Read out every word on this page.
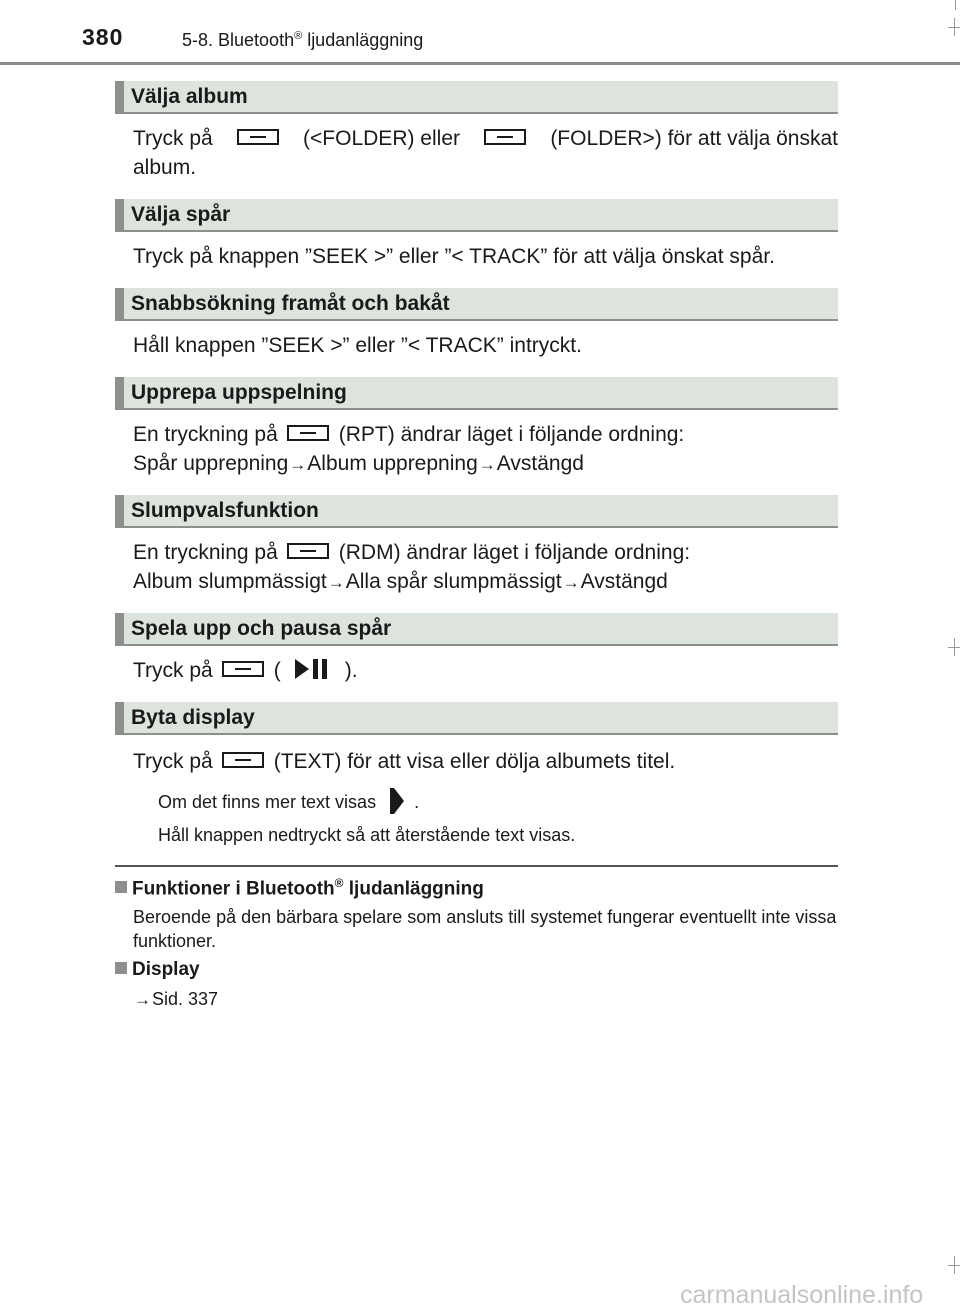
380	5-8. Bluetooth® ljudanläggning
Välja album
Tryck på	(<FOLDER) eller	(FOLDER>) för att välja önskat
album.
Välja spår
Tryck på knappen ”SEEK >” eller ”< TRACK” för att välja önskat spår.
Snabbsökning framåt och bakåt
Håll knappen ”SEEK >” eller ”< TRACK” intryckt.
Upprepa uppspelning
En tryckning på	(RPT) ändrar läget i följande ordning:
Spår upprepning→Album upprepning→Avstängd
Slumpvalsfunktion
En tryckning på	(RDM) ändrar läget i följande ordning:
Album slumpmässigt→Alla spår slumpmässigt→Avstängd
Spela upp och pausa spår
Tryck på	(	).
Byta display
Tryck på	(TEXT) för att visa eller dölja albumets titel.
Om det finns mer text visas .
Håll knappen nedtryckt så att återstående text visas.
Funktioner i Bluetooth® ljudanläggning
Beroende på den bärbara spelare som ansluts till systemet fungerar eventuellt inte vissa funktioner.
Display
→Sid. 337
carmanualsonline.info
